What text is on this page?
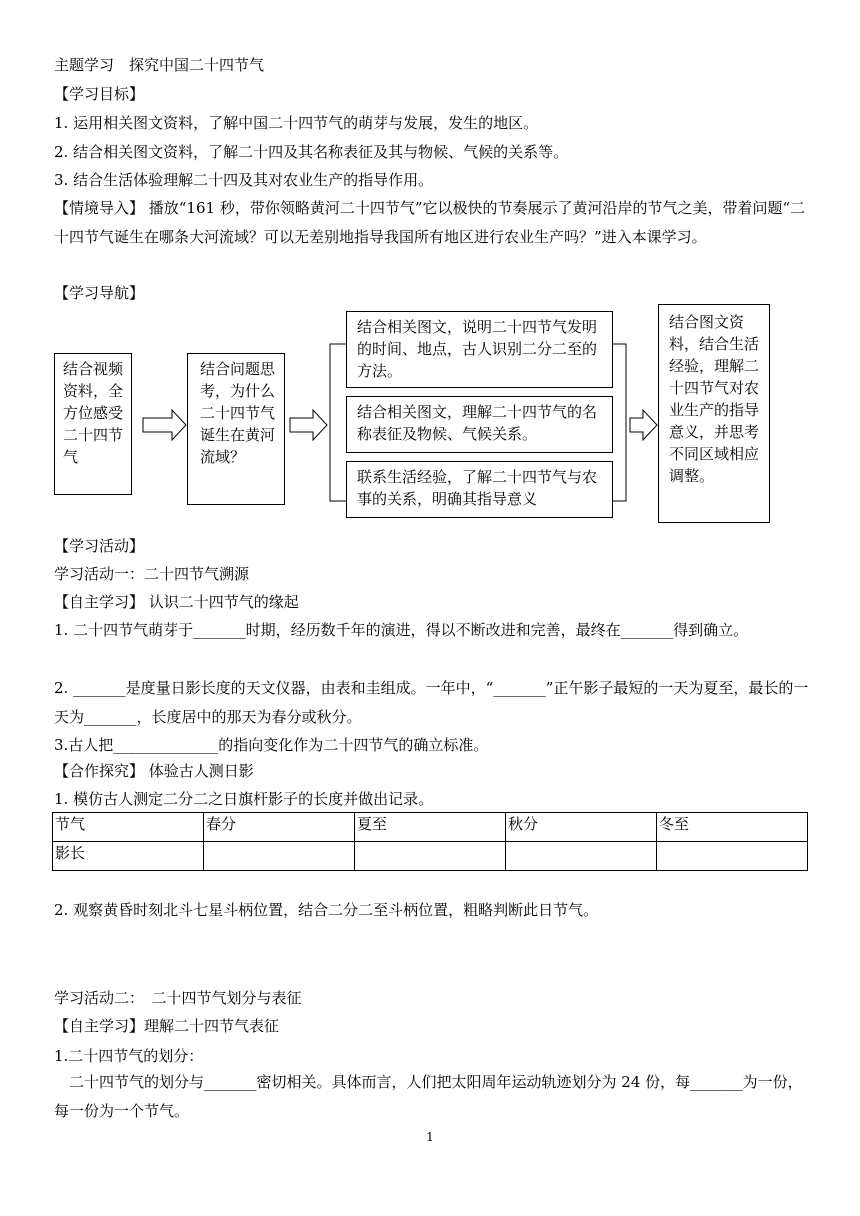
主题学习　探究中国二十四节气
【学习目标】
1. 运用相关图文资料，了解中国二十四节气的萌芽与发展，发生的地区。
2. 结合相关图文资料，了解二十四及其名称表征及其与物候、气候的关系等。
3. 结合生活体验理解二十四及其对农业生产的指导作用。
【情境导入】 播放“161 秒，带你领略黄河二十四节气”它以极快的节奏展示了黄河沿岸的节气之美，带着问题“二十四节气诞生在哪条大河流域？可以无差别地指导我国所有地区进行农业生产吗？”进入本课学习。
【学习导航】
结合视频资料，全方位感受二十四节气
结合问题思考，为什么二十四节气诞生在黄河流域？
结合相关图文，说明二十四节气发明的时间、地点，古人识别二分二至的方法。
结合相关图文，理解二十四节气的名称表征及物候、气候关系。
联系生活经验，了解二十四节气与农事的关系，明确其指导意义
结合图文资料，结合生活经验，理解二十四节气对农业生产的指导意义，并思考不同区域相应调整。
【学习活动】
学习活动一：二十四节气溯源
【自主学习】 认识二十四节气的缘起
1. 二十四节气萌芽于_______时期，经历数千年的演进，得以不断改进和完善，最终在_______得到确立。
2. _______是度量日影长度的天文仪器，由表和圭组成。一年中，“_______”正午影子最短的一天为夏至，最长的一天为_______，长度居中的那天为春分或秋分。
3.古人把______________的指向变化作为二十四节气的确立标准。
【合作探究】 体验古人测日影
1. 模仿古人测定二分二之日旗杆影子的长度并做出记录。
节气	春分	夏至	秋分	冬至
影长				
2. 观察黄昏时刻北斗七星斗柄位置，结合二分二至斗柄位置，粗略判断此日节气。
学习活动二：　二十四节气划分与表征
【自主学习】理解二十四节气表征
1.二十四节气的划分：
　二十四节气的划分与_______密切相关。具体而言，人们把太阳周年运动轨迹划分为 24 份，每_______为一份，每一份为一个节气。
1
